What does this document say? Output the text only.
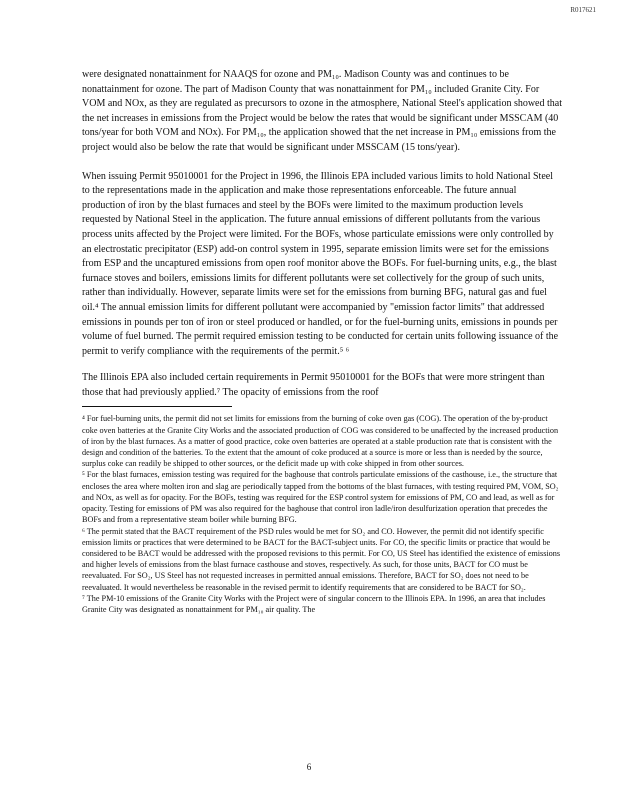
R017621

were designated nonattainment for NAAQS for ozone and PM₁₀. Madison County was and continues to be nonattainment for ozone. The part of Madison County that was nonattainment for PM₁₀ included Granite City. For VOM and NOx, as they are regulated as precursors to ozone in the atmosphere, National Steel's application showed that the net increases in emissions from the Project would be below the rates that would be significant under MSSCAM (40 tons/year for both VOM and NOx). For PM₁₀, the application showed that the net increase in PM₁₀ emissions from the project would also be below the rate that would be significant under MSSCAM (15 tons/year).

When issuing Permit 95010001 for the Project in 1996, the Illinois EPA included various limits to hold National Steel to the representations made in the application and make those representations enforceable. The future annual production of iron by the blast furnaces and steel by the BOFs were limited to the maximum production levels requested by National Steel in the application. The future annual emissions of different pollutants from the various process units affected by the Project were limited. For the BOFs, whose particulate emissions were only controlled by an electrostatic precipitator (ESP) add-on control system in 1995, separate emission limits were set for the emissions from ESP and the uncaptured emissions from open roof monitor above the BOFs. For fuel-burning units, e.g., the blast furnace stoves and boilers, emissions limits for different pollutants were set collectively for the group of such units, rather than individually. However, separate limits were set for the emissions from burning BFG, natural gas and fuel oil.⁴ The annual emission limits for different pollutant were accompanied by "emission factor limits" that addressed emissions in pounds per ton of iron or steel produced or handled, or for the fuel-burning units, emissions in pounds per volume of fuel burned. The permit required emission testing to be conducted for certain units following issuance of the permit to verify compliance with the requirements of the permit.⁵ ⁶

The Illinois EPA also included certain requirements in Permit 95010001 for the BOFs that were more stringent than those that had previously applied.⁷ The opacity of emissions from the roof

⁴ For fuel-burning units, the permit did not set limits for emissions from the burning of coke oven gas (COG). The operation of the by-product coke oven batteries at the Granite City Works and the associated production of COG was considered to be unaffected by the increased production of iron by the blast furnaces. As a matter of good practice, coke oven batteries are operated at a stable production rate that is consistent with the design and condition of the batteries. To the extent that the amount of coke produced at a source is more or less than is needed by the source, surplus coke can readily be shipped to other sources, or the deficit made up with coke shipped in from other sources.

⁵ For the blast furnaces, emission testing was required for the baghouse that controls particulate emissions of the casthouse, i.e., the structure that encloses the area where molten iron and slag are periodically tapped from the bottoms of the blast furnaces, with testing required PM, VOM, SO₂ and NOx, as well as for opacity. For the BOFs, testing was required for the ESP control system for emissions of PM, CO and lead, as well as for opacity. Testing for emissions of PM was also required for the baghouse that control iron ladle/iron desulfurization operation that precedes the BOFs and from a representative steam boiler while burning BFG.

⁶ The permit stated that the BACT requirement of the PSD rules would be met for SO₂ and CO. However, the permit did not identify specific emission limits or practices that were determined to be BACT for the BACT-subject units. For CO, the specific limits or practice that would be considered to be BACT would be addressed with the proposed revisions to this permit. For CO, US Steel has identified the existence of emissions and higher levels of emissions from the blast furnace casthouse and stoves, respectively. As such, for those units, BACT for CO must be reevaluated. For SO₂, US Steel has not requested increases in permitted annual emissions. Therefore, BACT for SO₂ does not need to be reevaluated. It would nevertheless be reasonable in the revised permit to identify requirements that are considered to be BACT for SO₂.

⁷ The PM-10 emissions of the Granite City Works with the Project were of singular concern to the Illinois EPA. In 1996, an area that includes Granite City was designated as nonattainment for PM₁₀ air quality. The

6
